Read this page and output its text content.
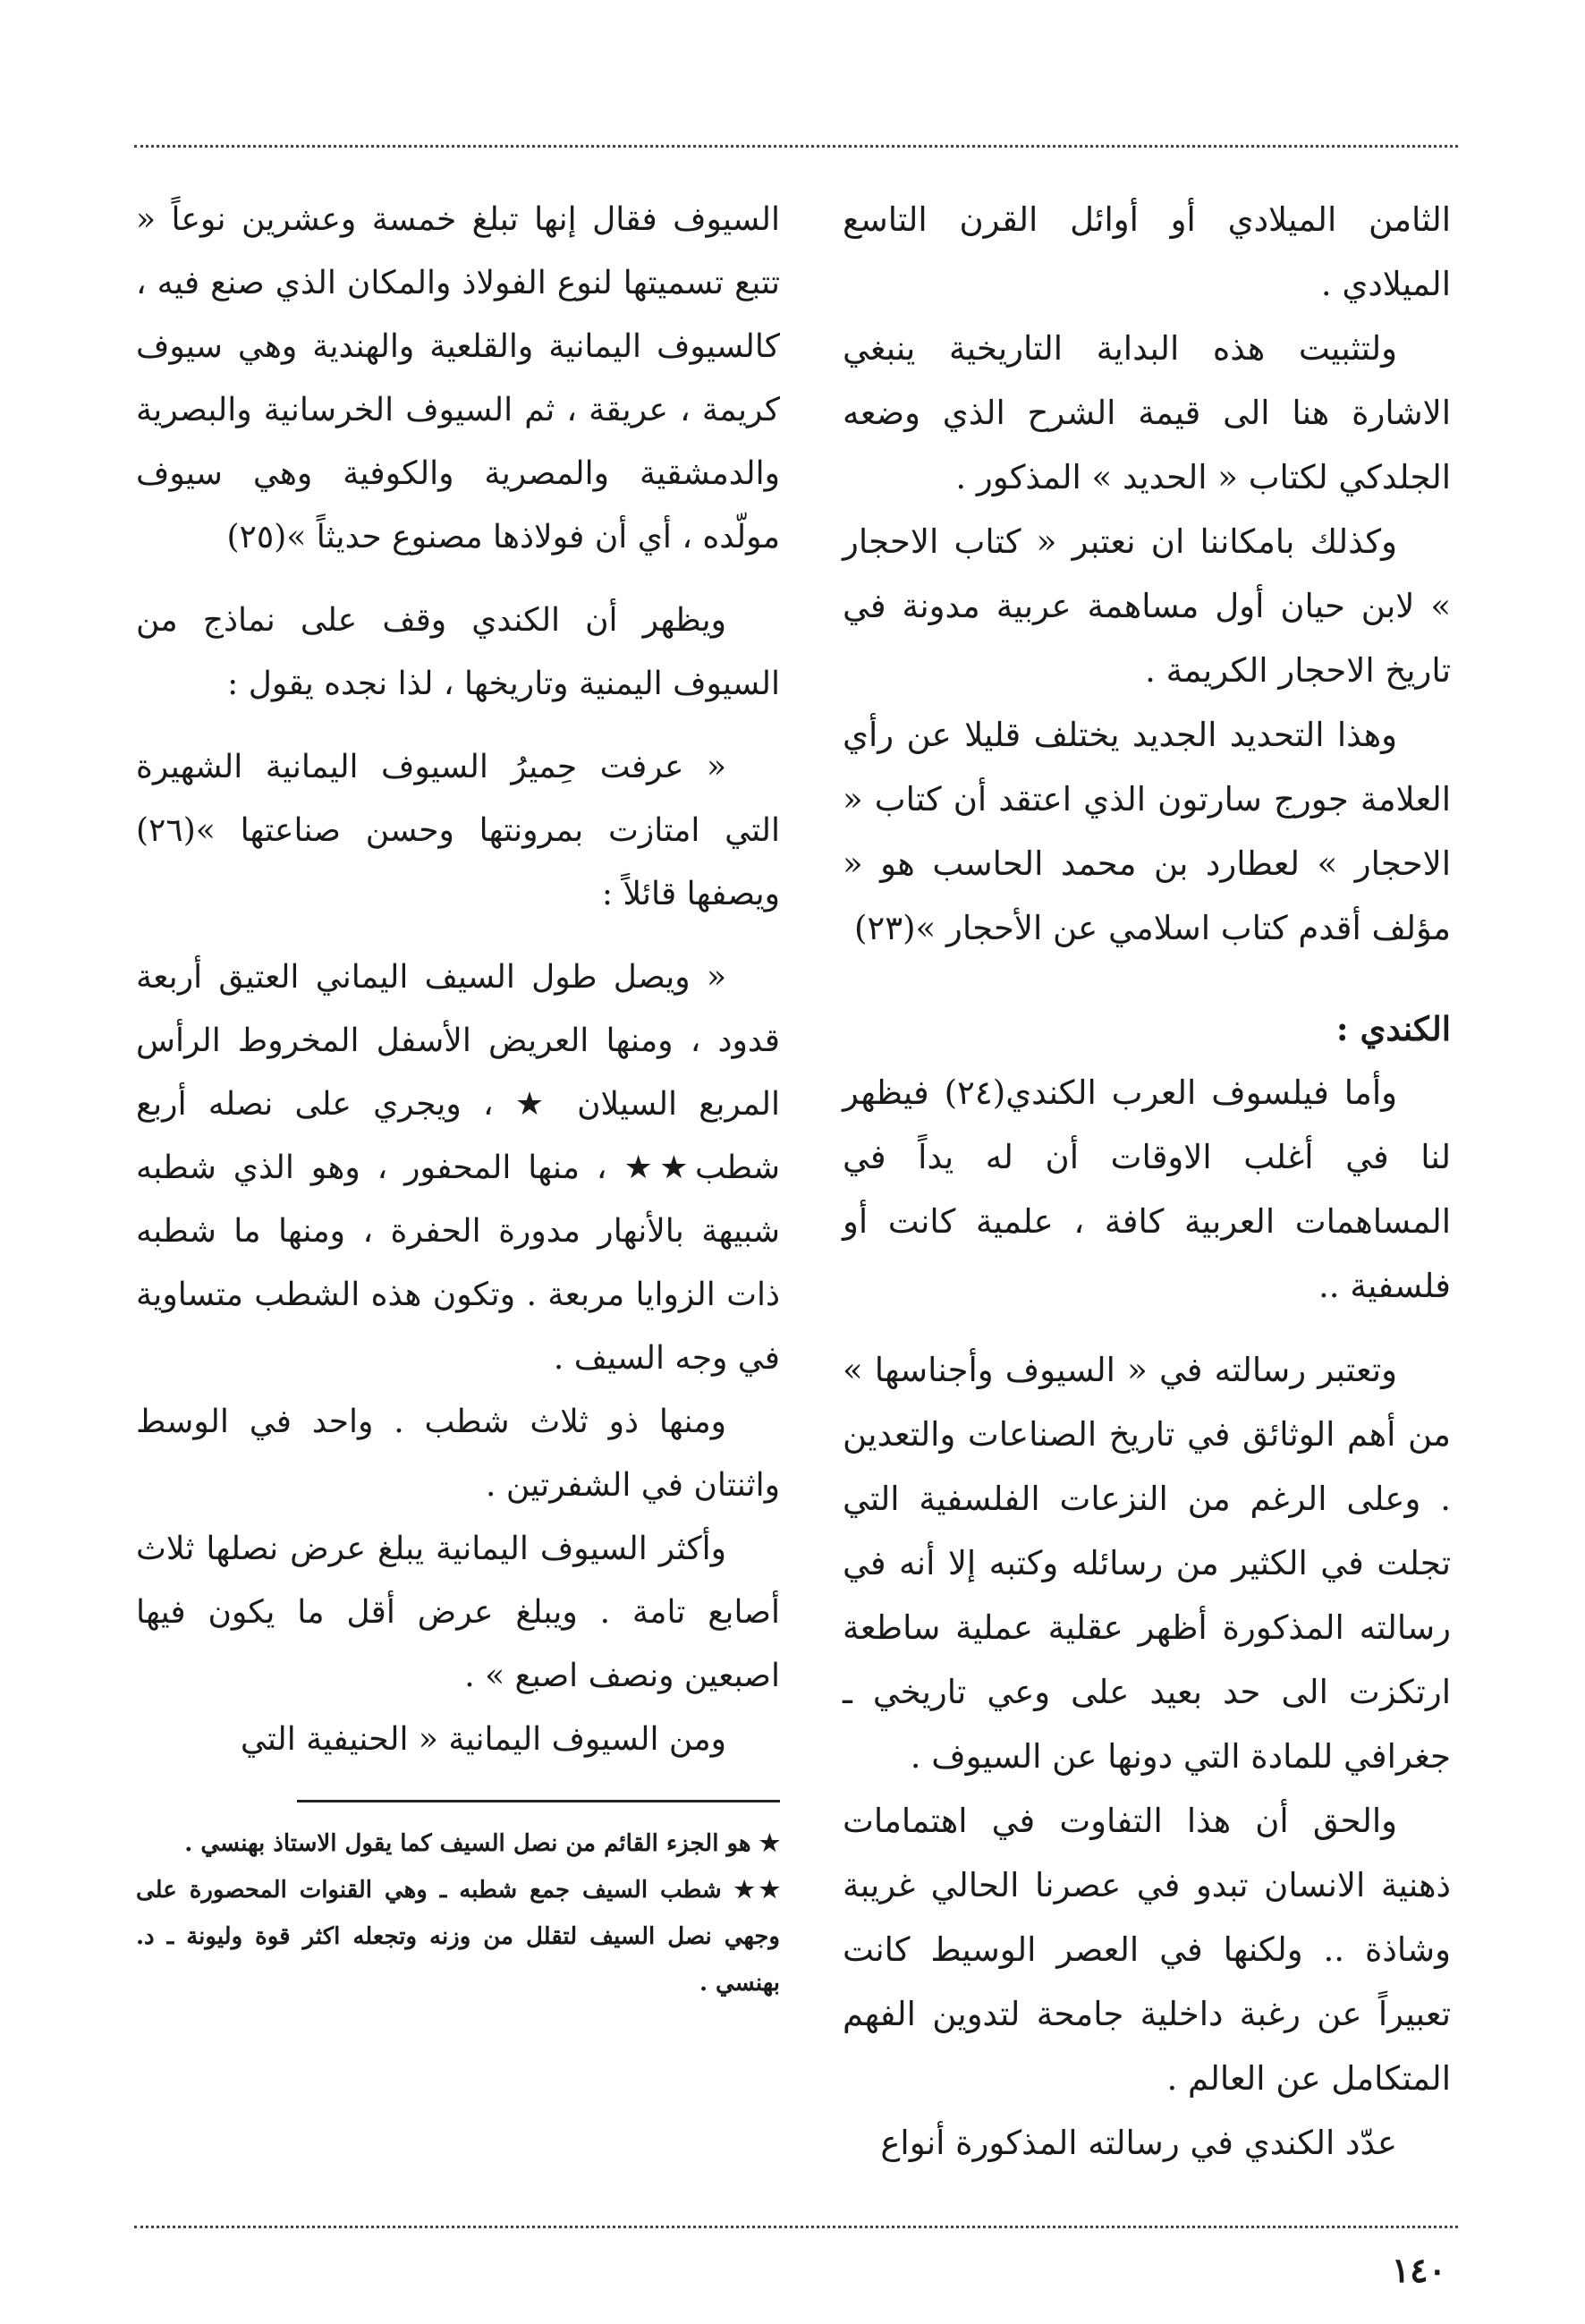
الثامن الميلادي أو أوائل القرن التاسع الميلادي .

ولتثبيت هذه البداية التاريخية ينبغي الاشارة هنا الى قيمة الشرح الذي وضعه الجلدكي لكتاب « الحديد » المذكور .

وكذلك بامكاننا ان نعتبر « كتاب الاحجار » لابن حيان أول مساهمة عربية مدونة في تاريخ الاحجار الكريمة .

وهذا التحديد الجديد يختلف قليلا عن رأي العلامة جورج سارتون الذي اعتقد أن كتاب « الاحجار » لعطارد بن محمد الحاسب هو « مؤلف أقدم كتاب اسلامي عن الأحجار »(٢٣)

الكندي :

وأما فيلسوف العرب الكندي(٢٤) فيظهر لنا في أغلب الاوقات أن له يداً في المساهمات العربية كافة ، علمية كانت أو فلسفية ..

وتعتبر رسالته في « السيوف وأجناسها » من أهم الوثائق في تاريخ الصناعات والتعدين . وعلى الرغم من النزعات الفلسفية التي تجلت في الكثير من رسائله وكتبه إلا أنه في رسالته المذكورة أظهر عقلية عملية ساطعة ارتكزت الى حد بعيد على وعي تاريخي ـ جغرافي للمادة التي دونها عن السيوف .

والحق أن هذا التفاوت في اهتمامات ذهنية الانسان تبدو في عصرنا الحالي غريبة وشاذة .. ولكنها في العصر الوسيط كانت تعبيراً عن رغبة داخلية جامحة لتدوين الفهم المتكامل عن العالم .

عدّد الكندي في رسالته المذكورة أنواع

السيوف فقال إنها تبلغ خمسة وعشرين نوعاً « تتبع تسميتها لنوع الفولاذ والمكان الذي صنع فيه ، كالسيوف اليمانية والقلعية والهندية وهي سيوف كريمة ، عريقة ، ثم السيوف الخرسانية والبصرية والدمشقية والمصرية والكوفية وهي سيوف مولّده ، أي أن فولاذها مصنوع حديثاً »(٢٥)

ويظهر أن الكندي وقف على نماذج من السيوف اليمنية وتاريخها ، لذا نجده يقول :

« عرفت حِميرُ السيوف اليمانية الشهيرة التي امتازت بمرونتها وحسن صناعتها »(٢٦) ويصفها قائلاً :

« ويصل طول السيف اليماني العتيق أربعة قدود ، ومنها العريض الأسفل المخروط الرأس المربع السيلان ★ ، ويجري على نصله أربع شطب★★ ، منها المحفور ، وهو الذي شطبه شبيهة بالأنهار مدورة الحفرة ، ومنها ما شطبه ذات الزوايا مربعة . وتكون هذه الشطب متساوية في وجه السيف .

ومنها ذو ثلاث شطب . واحد في الوسط واثنتان في الشفرتين .

وأكثر السيوف اليمانية يبلغ عرض نصلها ثلاث أصابع تامة . ويبلغ عرض أقل ما يكون فيها اصبعين ونصف اصبع » .

ومن السيوف اليمانية « الحنيفية التي

★ هو الجزء القائم من نصل السيف كما يقول الاستاذ بهنسي .

★★ شطب السيف جمع شطبه ـ وهي القنوات المحصورة على وجهي نصل السيف لتقلل من وزنه وتجعله اكثر قوة وليونة ـ د. بهنسي .

١٤٠
